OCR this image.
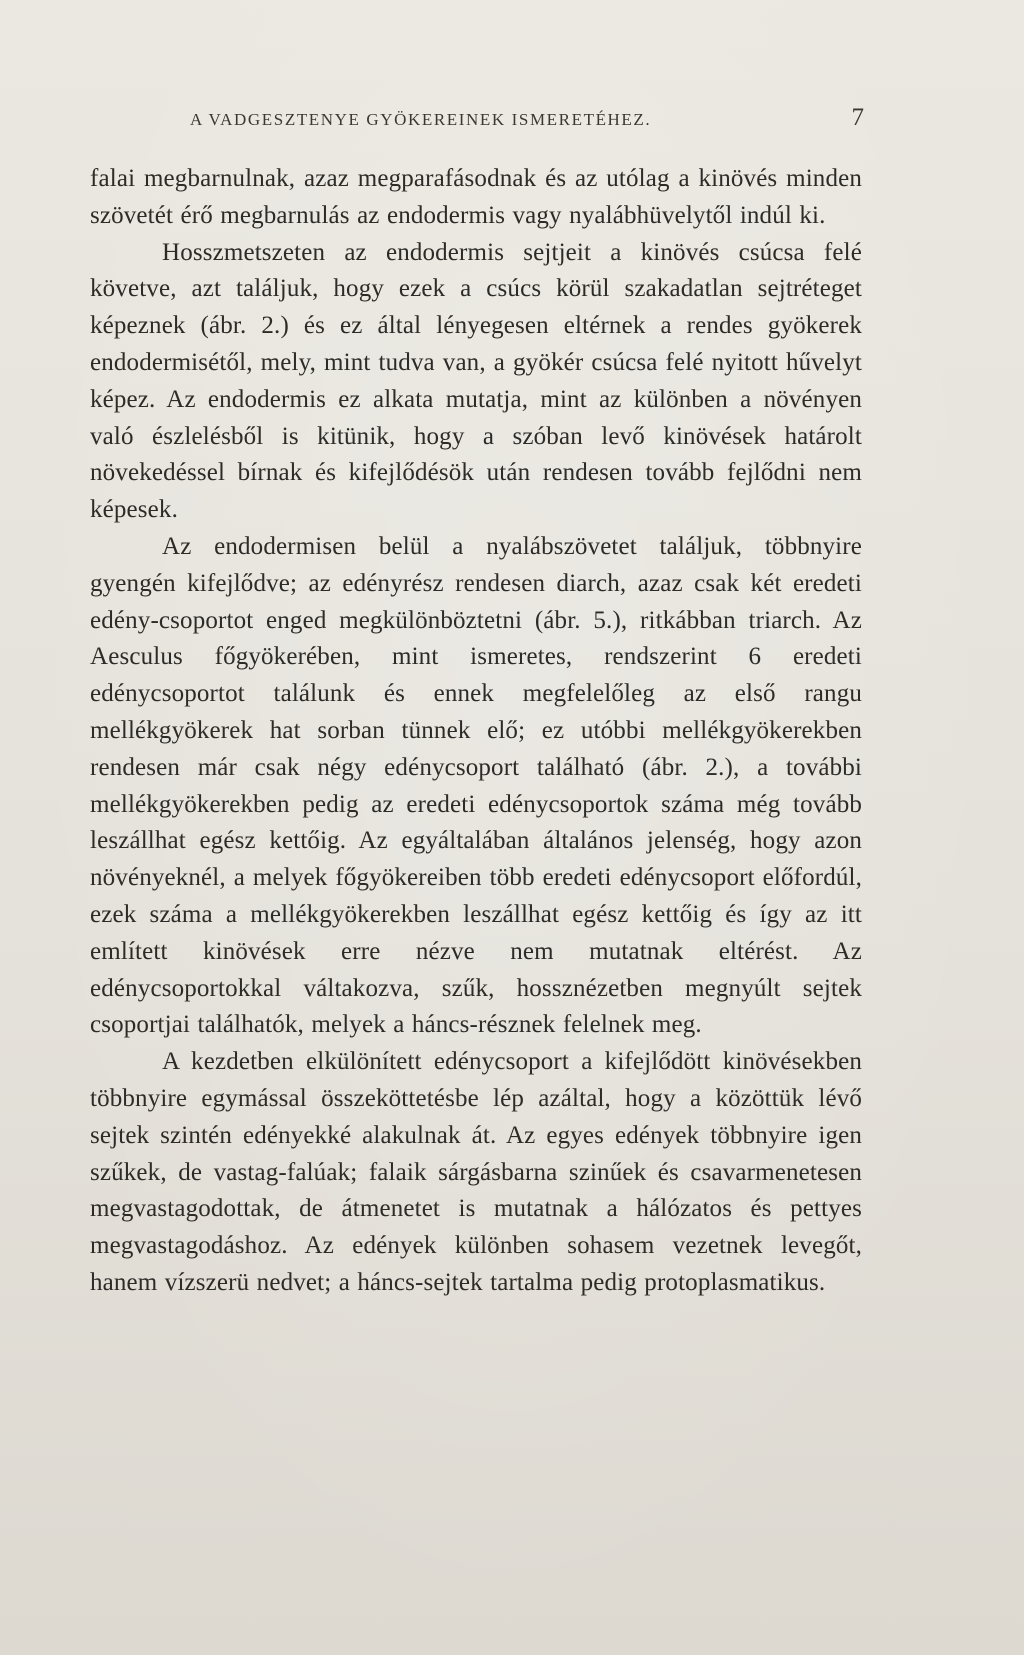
A VADGESZTENYE GYÖKEREINEK ISMERETÉHEZ.	7

falai megbarnulnak, azaz megparafásodnak és az utólag a kinövés minden szövetét érő megbarnulás az endodermis vagy nyalábhüvelytől indúl ki.

Hosszmetszeten az endodermis sejtjeit a kinövés csúcsa felé követve, azt találjuk, hogy ezek a csúcs körül szakadatlan sejtréteget képeznek (ábr. 2.) és ez által lényegesen eltérnek a rendes gyökerek endodermisétől, mely, mint tudva van, a gyökér csúcsa felé nyitott hűvelyt képez. Az endodermis ez alkata mutatja, mint az különben a növényen való észlelésből is kitünik, hogy a szóban levő kinövések határolt növekedéssel bírnak és kifejlődésök után rendesen tovább fejlődni nem képesek.

Az endodermisen belül a nyalábszövetet találjuk, többnyire gyengén kifejlődve; az edényrész rendesen diarch, azaz csak két eredeti edény-csoportot enged megkülönböztetni (ábr. 5.), ritkábban triarch. Az Aesculus főgyökerében, mint ismeretes, rendszerint 6 eredeti edénycsoportot találunk és ennek megfelelőleg az első rangu mellékgyökerek hat sorban tünnek elő; ez utóbbi mellékgyökerekben rendesen már csak négy edénycsoport található (ábr. 2.), a további mellékgyökerekben pedig az eredeti edénycsoportok száma még tovább leszállhat egész kettőig. Az egyáltalában általános jelenség, hogy azon növényeknél, a melyek főgyökereiben több eredeti edénycsoport előfordúl, ezek száma a mellékgyökerekben leszállhat egész kettőig és így az itt említett kinövések erre nézve nem mutatnak eltérést. Az edénycsoportokkal váltakozva, szűk, hossznézetben megnyúlt sejtek csoportjai találhatók, melyek a háncs-résznek felelnek meg.

A kezdetben elkülönített edénycsoport a kifejlődött kinövésekben többnyire egymással összeköttetésbe lép azáltal, hogy a közöttük lévő sejtek szintén edényekké alakulnak át. Az egyes edények többnyire igen szűkek, de vastag-falúak; falaik sárgásbarna szinűek és csavarmenetesen megvastagodottak, de átmenetet is mutatnak a hálózatos és pettyes megvastagodáshoz. Az edények különben sohasem vezetnek levegőt, hanem vízszerü nedvet; a háncs-sejtek tartalma pedig protoplasmatikus.
